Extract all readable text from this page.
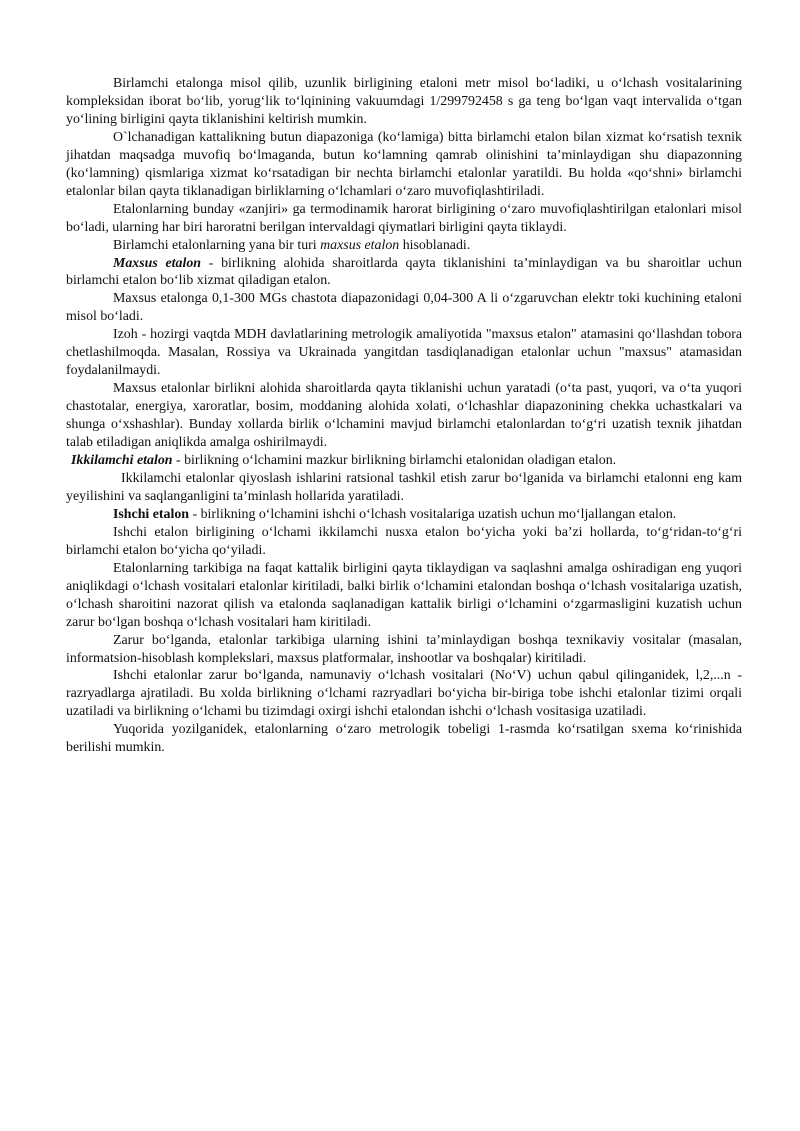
Birlamchi etalonga misol qilib, uzunlik birligining etaloni metr misol bo‘ladiki, u o‘lchash vositalarining kompleksidan iborat bo‘lib, yorug‘lik to‘lqinining vakuumdagi 1/299792458 s ga teng bo‘lgan vaqt intervalida o‘tgan yo‘lining birligini qayta tiklanishini keltirish mumkin.

O`lchanadigan kattalikning butun diapazoniga (ko‘lamiga) bitta birlamchi etalon bilan xizmat ko‘rsatish texnik jihatdan maqsadga muvofiq bo‘lmaganda, butun ko‘lamning qamrab olinishini ta’minlaydigan shu diapazonning (ko‘lamning) qismlariga xizmat ko‘rsatadigan bir nechta birlamchi etalonlar yaratildi. Bu holda «qo‘shni» birlamchi etalonlar bilan qayta tiklanadigan birliklarning o‘lchamlari o‘zaro muvofiqlashtiriladi.

Etalonlarning bunday «zanjiri» ga termodinamik harorat birligining o‘zaro muvofiqlashtirilgan etalonlari misol bo‘ladi, ularning har biri haroratni berilgan intervaldagi qiymatlari birligini qayta tiklaydi.

Birlamchi etalonlarning yana bir turi maxsus etalon hisoblanadi.

Maxsus etalon - birlikning alohida sharoitlarda qayta tiklanishini ta’minlaydigan va bu sharoitlar uchun birlamchi etalon bo‘lib xizmat qiladigan etalon.

Maxsus etalonga 0,1-300 MGs chastota diapazonidagi 0,04-300 A li o‘zgaruvchan elektr toki kuchining etaloni misol bo‘ladi.

Izoh - hozirgi vaqtda MDH davlatlarining metrologik amaliyotida "maxsus etalon" atamasini qo‘llashdan tobora chetlashilmoqda. Masalan, Rossiya va Ukrainada yangitdan tasdiqlanadigan etalonlar uchun "maxsus" atamasidan foydalanilmaydi.

Maxsus etalonlar birlikni alohida sharoitlarda qayta tiklanishi uchun yaratadi (o‘ta past, yuqori, va o‘ta yuqori chastotalar, energiya, xaroratlar, bosim, moddaning alohida xolati, o‘lchashlar diapazonining chekka uchastkalari va shunga o‘xshashlar). Bunday xollarda birlik o‘lchamini mavjud birlamchi etalonlardan to‘g‘ri uzatish texnik jihatdan talab etiladigan aniqlikda amalga oshirilmaydi.

Ikkilamchi etalon - birlikning o‘lchamini mazkur birlikning birlamchi etalonidan oladigan etalon.

Ikkilamchi etalonlar qiyoslash ishlarini ratsional tashkil etish zarur bo‘lganida va birlamchi etalonni eng kam yeyilishini va saqlanganligini ta’minlash hollarida yaratiladi.

Ishchi etalon - birlikning o‘lchamini ishchi o‘lchash vositalariga uzatish uchun mo‘ljallangan etalon.

Ishchi etalon birligining o‘lchami ikkilamchi nusxa etalon bo‘yicha yoki ba’zi hollarda, to‘g‘ridan-to‘g‘ri birlamchi etalon bo‘yicha qo‘yiladi.

Etalonlarning tarkibiga na faqat kattalik birligini qayta tiklaydigan va saqlashni amalga oshiradigan eng yuqori aniqlikdagi o‘lchash vositalari etalonlar kiritiladi, balki birlik o‘lchamini etalondan boshqa o‘lchash vositalariga uzatish, o‘lchash sharoitini nazorat qilish va etalonda saqlanadigan kattalik birligi o‘lchamini o‘zgarmasligini kuzatish uchun zarur bo‘lgan boshqa o‘lchash vositalari ham kiritiladi.

Zarur bo‘lganda, etalonlar tarkibiga ularning ishini ta’minlaydigan boshqa texnikaviy vositalar (masalan, informatsion-hisoblash komplekslari, maxsus platformalar, inshootlar va boshqalar) kiritiladi.

Ishchi etalonlar zarur bo‘lganda, namunaviy o‘lchash vositalari (No‘V) uchun qabul qilinganidek, l,2,...n - razryadlarga ajratiladi. Bu xolda birlikning o‘lchami razryadlari bo‘yicha bir-biriga tobe ishchi etalonlar tizimi orqali uzatiladi va birlikning o‘lchami bu tizimdagi oxirgi ishchi etalondan ishchi o‘lchash vositasiga uzatiladi.

Yuqorida yozilganidek, etalonlarning o‘zaro metrologik tobeligi 1-rasmda ko‘rsatilgan sxema ko‘rinishida berilishi mumkin.
